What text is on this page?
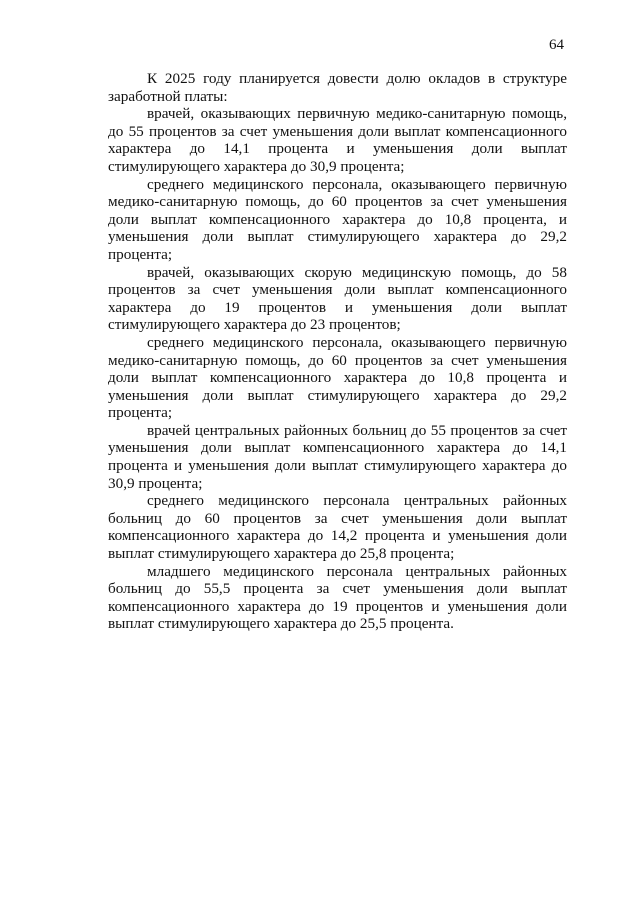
64

К 2025 году планируется довести долю окладов в структуре заработной платы:

врачей, оказывающих первичную медико-санитарную помощь, до 55 процентов за счет уменьшения доли выплат компенсационного характера до 14,1 процента и уменьшения доли выплат стимулирующего характера до 30,9 процента;

среднего медицинского персонала, оказывающего первичную медико-санитарную помощь, до 60 процентов за счет уменьшения доли выплат компенсационного характера до 10,8 процента, и уменьшения доли выплат стимулирующего характера до 29,2 процента;

врачей, оказывающих скорую медицинскую помощь, до 58 процентов за счет уменьшения доли выплат компенсационного характера до 19 процентов и уменьшения доли выплат стимулирующего характера до 23 процентов;

среднего медицинского персонала, оказывающего первичную медико-санитарную помощь, до 60 процентов за счет уменьшения доли выплат компенсационного характера до 10,8 процента и уменьшения доли выплат стимулирующего характера до 29,2 процента;

врачей центральных районных больниц до 55 процентов за счет уменьшения доли выплат компенсационного характера до 14,1 процента и уменьшения доли выплат стимулирующего характера до 30,9 процента;

среднего медицинского персонала центральных районных больниц до 60 процентов за счет уменьшения доли выплат компенсационного характера до 14,2 процента и уменьшения доли выплат стимулирующего характера до 25,8 процента;

младшего медицинского персонала центральных районных больниц до 55,5 процента за счет уменьшения доли выплат компенсационного характера до 19 процентов и уменьшения доли выплат стимулирующего характера до 25,5 процента.
